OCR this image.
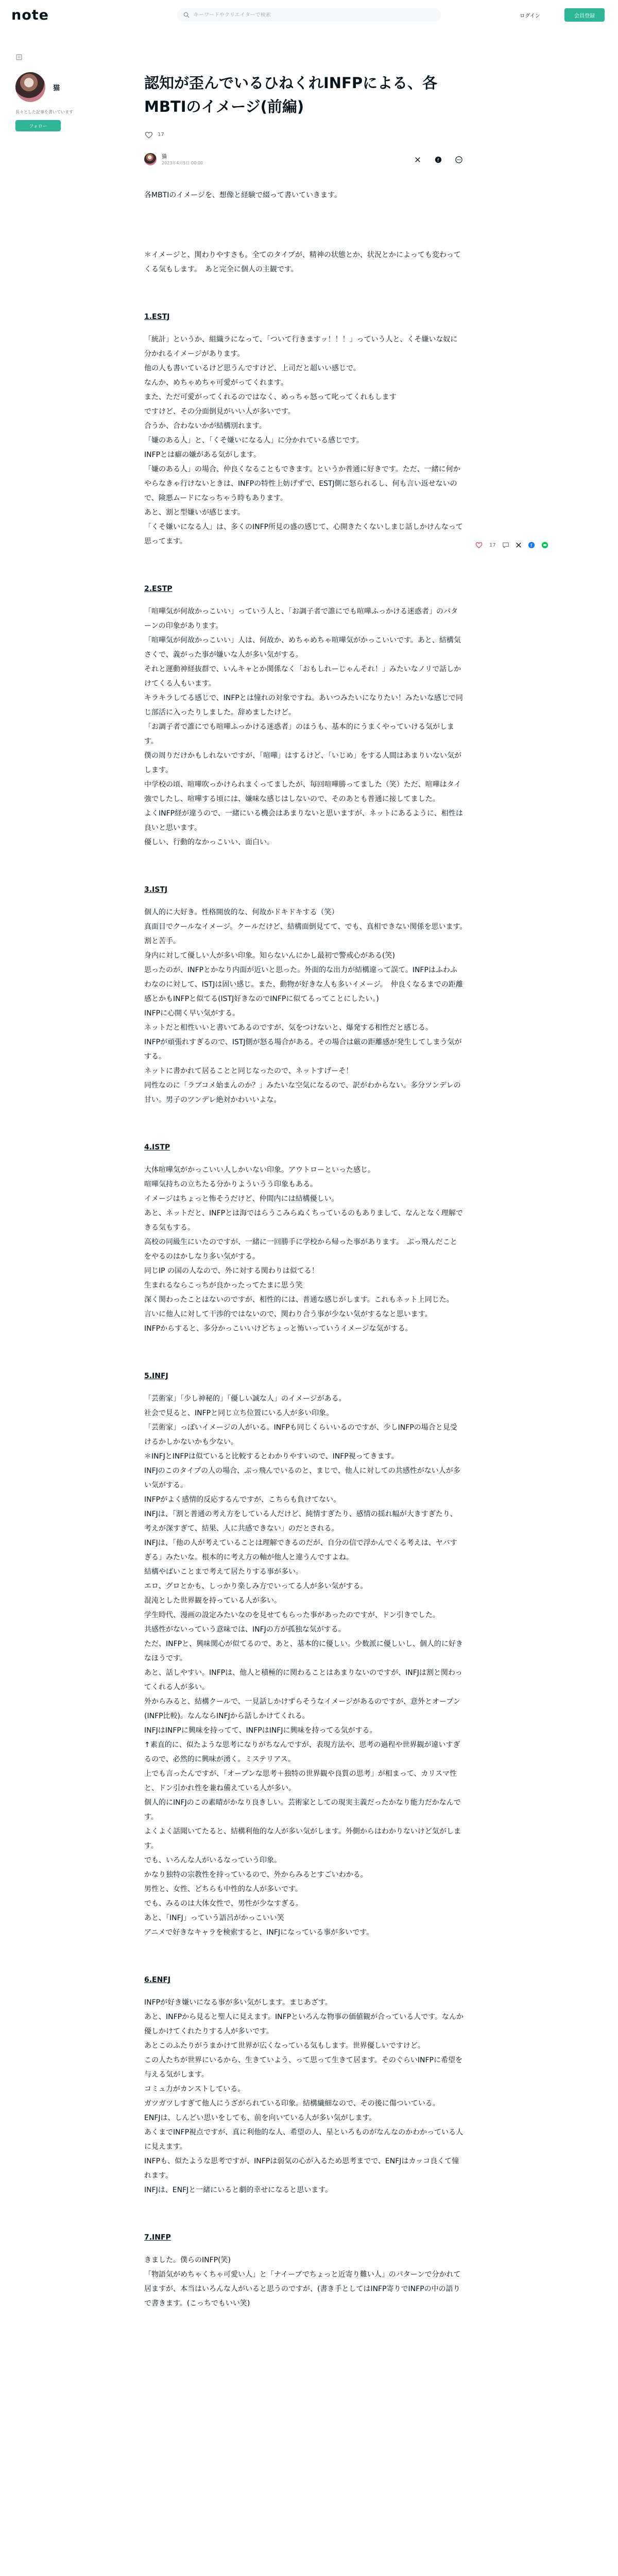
note
キーワードやクリエイターで検索	ログイン	会員登録
猫
長々とした記事を書いています
フォロー
認知が歪んでいるひねくれINFPによる、各MBTIのイメージ(前編)
17
猫
2023年4月5日 00:00	f

各MBTIのイメージを、想像と経験で綴って書いていきます。

＊イメージと、関わりやすさも。全てのタイプが、精神の状態とか、状況とかによっても変わってくる気もします。　あと完全に個人の主観です。

1.ESTJ

「統計」というか、組織ラになって、「ついて行きますッ！！！」っていう人と、くそ嫌いな奴に分かれるイメージがあります。

他の人も書いているけど思うんですけど、上司だと超いい感じで。

なんか、めちゃめちゃ可愛がってくれます。

また、ただ可愛がってくれるのではなく、めっちゃ怒って叱ってくれもします

ですけど、その分面倒見がいい人が多いです。

合うか、合わないかが結構別れます。

「嫌のある人」と、「くそ嫌いになる人」に分かれている感じです。

INFPとは癖の嫌がある気がします。

「嫌のある人」の場合、仲良くなることもできます。というか普通に好きです。ただ、一緒に何かやらなきゃ行けないときは、INFPの特性上妨げずで、ESTJ側に怒られるし、何も言い返せないので、険悪ムードになっちゃう時もあります。

あと、割と型嫌いが感じます。

「くそ嫌いになる人」は、多くのINFP所見の盛の感じて、心開きたくないしまじ話しかけんなって思ってます。

2.ESTP

「喧嘩気が何故かっこいい」っていう人と、「お調子者で誰にでも喧嘩ふっかける迷惑者」のパターンの印象があります。

「喧嘩気が何故かっこいい」人は、何故か、めちゃめちゃ喧嘩気がかっこいいです。あと、結構気さくで、義がった事が嫌いな人が多い気がする。

それと運動神経抜群で、いんキャとか関係なく「おもしれーじゃんそれ！」みたいなノリで話しかけてくる人もいます。

キラキラしてる感じで、INFPとは憧れの対象ですね。あいつみたいになりたい！みたいな感じで同じ部活に入ったりしました。辞めましたけど。

「お調子者で誰にでも喧嘩ふっかける迷惑者」のほうも、基本的にうまくやっていける気がします。

僕の周りだけかもしれないですが、「喧嘩」はするけど、「いじめ」をする人間はあまりいない気がします。

中学校の頃、喧嘩吹っかけられまくってましたが、毎回喧嘩勝ってました（笑）ただ、喧嘩はタイ強でしたし、喧嘩する頃には、嫌味な感じはしないので、そのあとも普通に接してました。

よくINFP経が違うので、一緒にいる機会はあまりないと思いますが、ネットにあるように、相性は良いと思います。

優しい、行動的なかっこいい、面白い。

3.ISTJ

個人的に大好き。性格開放的な、何故かドキドキする（笑）

真面目でクールなイメージ。クールだけど、結構面倒見てて、でも、真相できない関係を思います。　割と苦手。

身内に対して優しい人が多い印象。知らないんにかし最初で警戒心がある(笑)

思ったのが、INFPとかなり内面が近いと思った。外面的な出力が結構違って誤て。INFPはふわふわなのに対して、ISTJは固い感じ。また、動物が好きな人も多いイメージ。　仲良くなるまでの距離感とかもINFPと似てる(ISTJ好きなのでINFPに似てるってことにしたい。)

INFPに心開く早い気がする。

ネットだと相性いいと書いてあるのですが、気をつけないと、爆発する相性だと感じる。

INFPが頑張れすぎるので、ISTJ側が怒る場合がある。その場合は厳の距離感が発生してしまう気がする。

ネットに書かれて居ることと同じなったので、ネットすげーそ！

同性なのに「ラブコメ始まんのか？」みたいな空気になるので、訳がわからない。多分ツンデレの甘い。男子のツンデレ絶対かわいいよな。

4.ISTP

大体喧嘩気がかっこいい人しかいない印象。アウトローといった感じ。

喧嘩気持ちの立ちたる分かりよういうう印象もある。

イメージはちょっと怖そうだけど、仲間内には結構優しい。

あと、ネットだと、INFPとは海ではらうこみらぬくちっているのもありまして、なんとなく理解できる気もする。

高校の同級生にいたのですが、一緒に一回勝手に学校から帰った事があります。　ぶっ飛んだことをやるのはかしなり多い気がする。

同じIP の国の人なので、外に対する関わりは似てる！

生まれるならこっちが良かったってたまに思う笑

深く関わったことはないのですが、相性的には、普通な感じがします。これもネット上同じた。

言いに他人に対して干渉的ではないので、関わり合う事が少ない気がするなと思います。

INFPからすると、多分かっこいいけどちょっと怖いっていうイメージな気がする。

5.INFJ

「芸術家」「少し神秘的」「優しい誠な人」のイメージがある。

社会で見ると、INFPと同じ立ち位置にいる人が多い印象。

「芸術家」っぽいイメージの人がいる。INFPも同じくらいいるのですが、少しINFPの場合と見受けるかしかないかも少ない。

＊INFJとINFPは似ていると比較するとわかりやすいので、INFP視ってきます。

INFJのこのタイプの人の場合、ぶっ飛んでいるのと、まじで、他人に対しての共感性がない人が多い気がする。

INFPがよく感情的反応するんですが、こちらも負けてない。

INFJは、「割と普通の考え方をしている人だけど、純情すぎたり、感情の揺れ幅が大きすぎたり、考えが深すぎて、結果、人に共感できない」のだとされる。

INFJは、「他の人が考えていることは理解できるのだが、自分の信で浮かんでくる考えは、ヤバすぎる」みたいな。根本的に考え方の軸が他人と違うんですよね。

結構やばいことまで考えて居たりする事が多い。

エロ、グロとかも、しっかり楽しみ方でいってる人が多い気がする。

混沌とした世界観を持っている人が多い。

学生時代、漫画の設定みたいなのを見せてもらった事があったのですが、ドン引きでした。

共感性がないっていう意味では、INFJの方が孤独な気がする。

ただ、INFPと、興味関心が似てるので、あと、基本的に優しい。少数派に優しいし、個人的に好きなほうです。

あと、話しやすい。INFPは、他人と積極的に関わることはあまりないのですが、INFJは割と関わってくれる人が多い。

外からみると、結構クールで、一見話しかけずらそうなイメージがあるのですが、意外とオープン(INFP比較)。なんならINFJから話しかけてくれる。

INFJはINFPに興味を持ってて、INFPはINFJに興味を持ってる気がする。

↑素直的に、似たような思考になりがちなんですが、表現方法や、思考の過程や世界観が違いすぎるので、必然的に興味が湧く。ミステリアス。

上でも言ったんですが、「オープンな思考＋独特の世界観や良質の思考」が相まって、カリスマ性と、ドン引かれ性を兼ね備えている人が多い。

個人的にINFJのこの素晴がかなり良きしい。芸術家としての現実主義だったかなり能力だかなんです。

よくよく話聞いてたると、結構利他的な人が多い気がします。外側からはわかりないけど気がします。

でも、いろんな人がいるなっていう印象。

かなり独特の宗教性を持っているので、外からみるとすごいわかる。

男性と、女性、どちらも中性的な人が多いです。

でも、みるのは大体女性で、男性が少なすぎる。

あと、「INFJ」っていう語呂がかっこいい笑

アニメで好きなキャラを検索すると、INFJになっている事が多いです。

6.ENFJ

INFPが好き嫌いになる事が多い気がします。まじあざす。

あと、INFPから見ると聖人に見えます。INFPといろんな物事の価値観が合っている人です。なんか優しかけてくれたりする人が多いです。

あとこのふたりがうまかけて世界が広くなっている気もします。世界優しいですけど。

この人たちが世界にいるから、生きていよう、って思って生きて居ます。そのぐらいINFPに希望を与える気がします。

コミュ力がカンストしている。

ガツガツしすぎて他人にうざがられている印象。結構繊細なので、その後に傷ついている。

ENFJは、しんどい思いをしても、前を向いている人が多い気がします。

あくまでINFP視点ですが、真に利他的な人、希望の人、星といろものがなんなのかわかっている人に見えます。

INFPも、似たような思考ですが、INFPは弱気の心が入るため思考までで、ENFJはカッコ良くて憧れます。

INFJは、ENFJと一緒にいると劇的幸せになると思います。

7.INFP

きました。僕らのINFP(笑)

「物語気がめちゃくちゃ可愛い人」と「ナイーブでちょっと近寄り難い人」のパターンで分かれて居ますが、本当はいろんな人がいると思うのですが、(書き手としてはINFP寄りでINFPの中の語りで書きます。(こっちでもいい笑)

17	f
